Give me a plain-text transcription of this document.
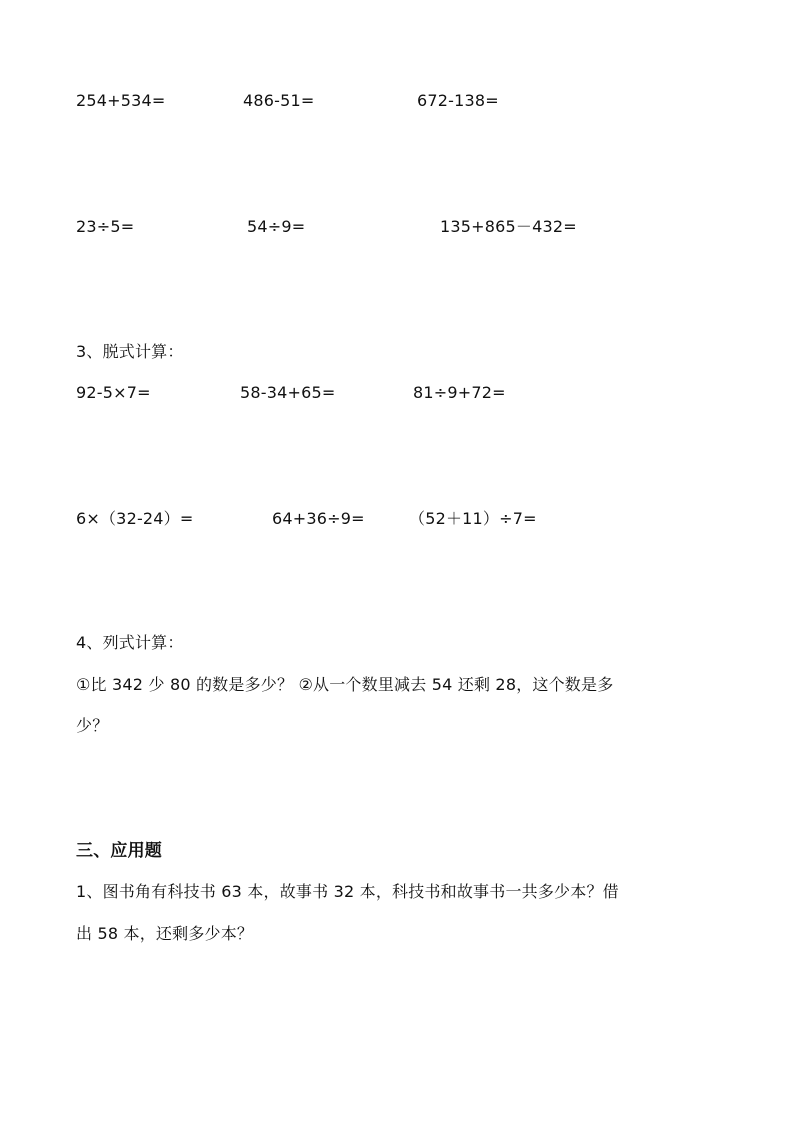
254+534=	486-51=	672-138=
23÷5=	54÷9=	135+865－432=
3、脱式计算：
92-5×7=	58-34+65=	81÷9+72=
6×（32-24）=	64+36÷9=	（52＋11）÷7=
4、列式计算：
①比 342 少 80 的数是多少？ ②从一个数里减去 54 还剩 28，这个数是多
少？
三、应用题
1、图书角有科技书 63 本，故事书 32 本，科技书和故事书一共多少本？借
出 58 本，还剩多少本？
